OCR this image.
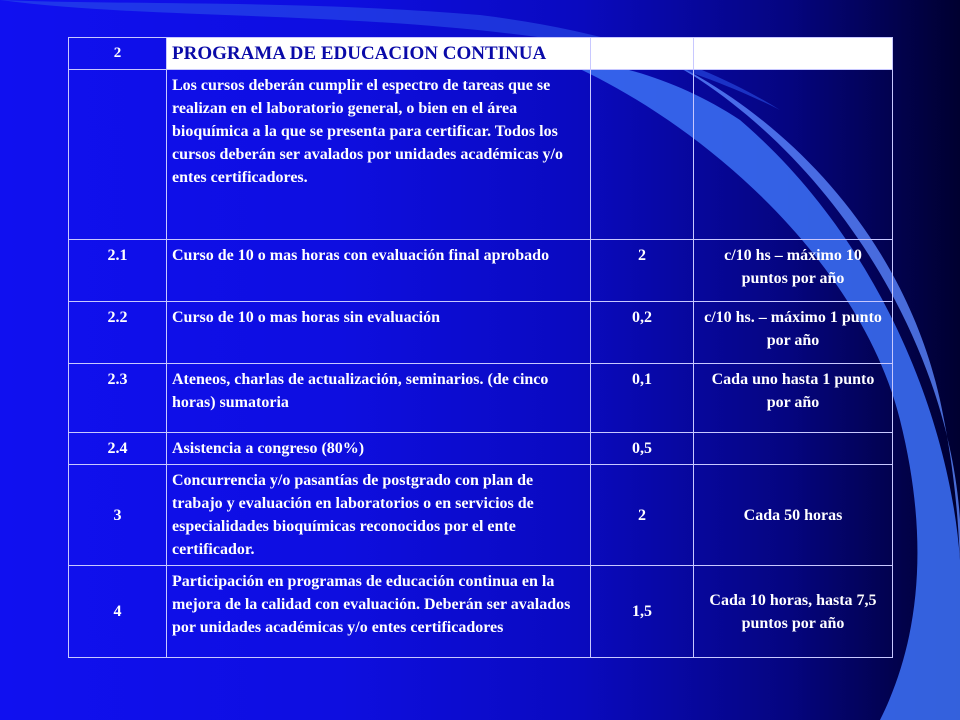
2	PROGRAMA DE EDUCACION CONTINUA		
	Los cursos deberán cumplir el espectro de tareas que se realizan en el laboratorio general, o bien en el área bioquímica a la que se presenta para certificar. Todos los cursos deberán ser avalados por unidades académicas y/o entes certificadores.		
2.1	Curso de 10 o mas horas con evaluación final aprobado	2	c/10 hs – máximo 10 puntos por año
2.2	Curso de 10 o mas horas sin evaluación	0,2	c/10 hs. – máximo 1 punto por año
2.3	Ateneos, charlas de actualización, seminarios. (de cinco horas) sumatoria	0,1	Cada uno hasta 1 punto por año
2.4	Asistencia a congreso (80%)	0,5	
3	Concurrencia y/o pasantías de postgrado con plan de trabajo y evaluación en laboratorios o en servicios de especialidades bioquímicas reconocidos por el ente certificador.	2	Cada 50 horas
4	Participación en programas de educación continua en la mejora de la calidad con evaluación. Deberán ser avalados por unidades académicas y/o entes certificadores	1,5	Cada 10 horas, hasta 7,5 puntos por año
